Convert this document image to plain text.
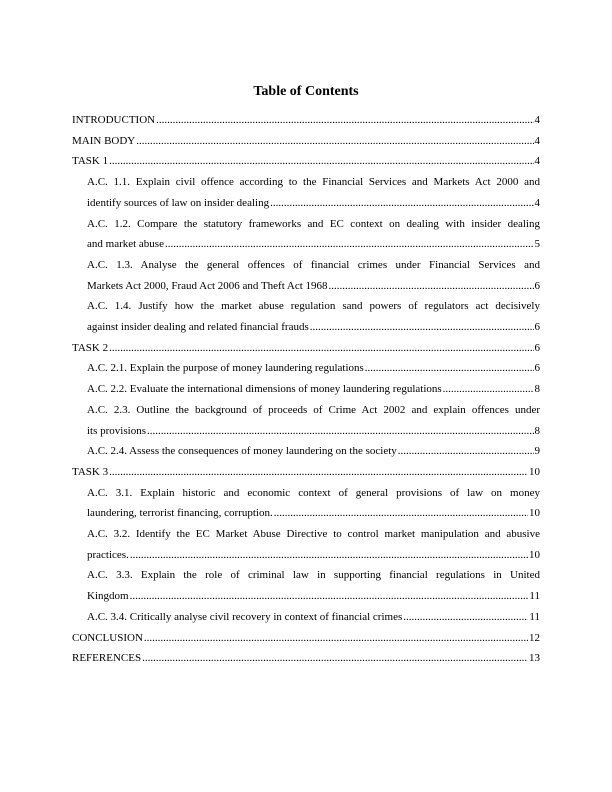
Table of Contents
INTRODUCTION .....	4
MAIN BODY .....	4
TASK 1 .....	4
A.C. 1.1. Explain civil offence according to the Financial Services and Markets Act 2000 and
identify sources of law on insider dealing .....	4
A.C. 1.2. Compare the statutory frameworks and EC context on dealing with insider dealing
and market abuse .....	5
A.C. 1.3. Analyse the general offences of financial crimes under Financial Services and
Markets Act 2000, Fraud Act 2006 and Theft Act 1968 .....	6
A.C. 1.4. Justify how the market abuse regulation sand powers of regulators act decisively
against insider dealing and related financial frauds .....	6
TASK 2 .....	6
A.C. 2.1. Explain the purpose of money laundering regulations .....	6
A.C. 2.2. Evaluate the international dimensions of money laundering regulations .....	8
A.C. 2.3. Outline the background of proceeds of Crime Act 2002 and explain offences under
its provisions .....	8
A.C. 2.4. Assess the consequences of money laundering on the society .....	9
TASK 3 .....	10
A.C. 3.1. Explain historic and economic context of general provisions of law on money
laundering, terrorist financing, corruption. .....	10
A.C. 3.2. Identify the EC Market Abuse Directive to control market manipulation and abusive
practices. .....	10
A.C. 3.3. Explain the role of criminal law in supporting financial regulations in United
Kingdom .....	11
A.C. 3.4. Critically analyse civil recovery in context of financial crimes .....	11
CONCLUSION .....	12
REFERENCES .....	13
